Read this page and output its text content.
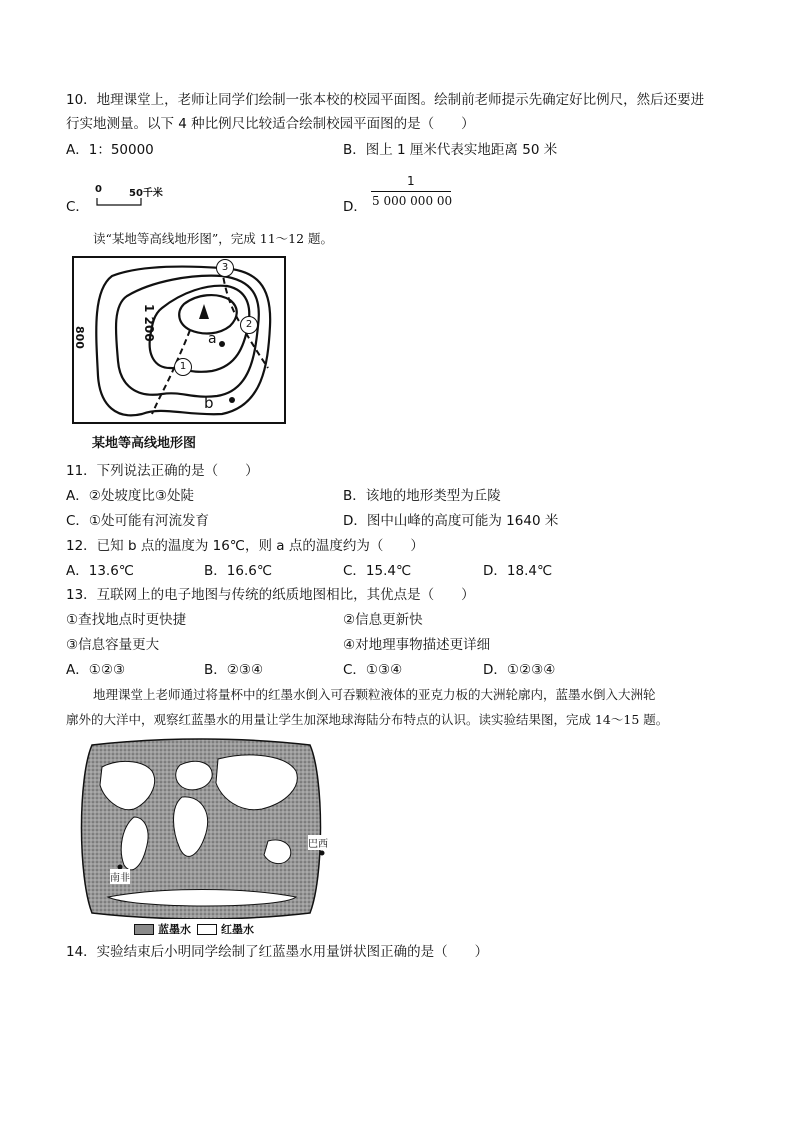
10．地理课堂上，老师让同学们绘制一张本校的校园平面图。绘制前老师提示先确定好比例尺，然后还要进
行实地测量。以下 4 种比例尺比较适合绘制校园平面图的是（　　）
A．1：50000	B．图上 1 厘米代表实地距离 50 米
C．
0	50千米
D．
1
5 000 000 00
读“某地等高线地形图”，完成 11～12 题。
800	1 200	a
b
1
2
3
某地等高线地形图
11．下列说法正确的是（　　）
A．②处坡度比③处陡	B．该地的地形类型为丘陵
C．①处可能有河流发育	D．图中山峰的高度可能为 1640 米
12．已知 b 点的温度为 16℃，则 a 点的温度约为（　　）
A．13.6℃	B．16.6℃	C．15.4℃	D．18.4℃
13．互联网上的电子地图与传统的纸质地图相比，其优点是（　　）
①查找地点时更快捷	②信息更新快
③信息容量更大	④对地理事物描述更详细
A．①②③	B．②③④	C．①③④	D．①②③④
地理课堂上老师通过将量杯中的红墨水倒入可吞颗粒液体的亚克力板的大洲轮廓内，蓝墨水倒入大洲轮
廓外的大洋中，观察红蓝墨水的用量让学生加深地球海陆分布特点的认识。读实验结果图，完成 14～15 题。
巴西
南非
蓝墨水	红墨水
14．实验结束后小明同学绘制了红蓝墨水用量饼状图正确的是（　　）
